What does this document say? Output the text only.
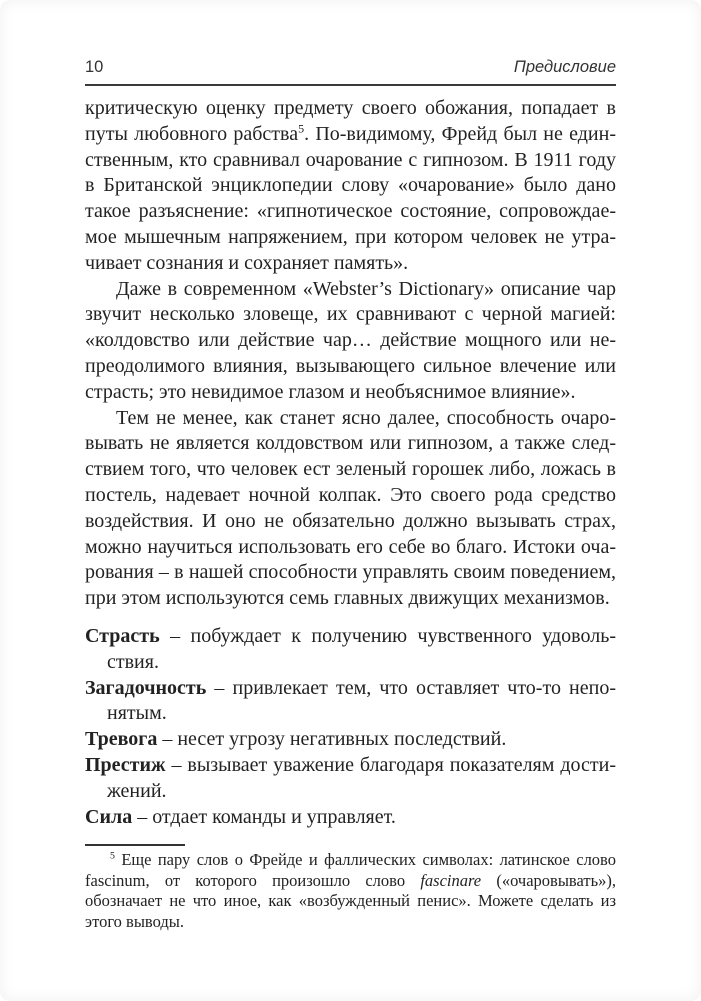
10	Предисловие

критическую оценку предмету своего обожания, попадает в путы любовного рабства$^5$. По-видимому, Фрейд был не единственным, кто сравнивал очарование с гипнозом. В 1911 году в Британской энциклопедии слову «очарование» было дано такое разъяснение: «гипнотическое состояние, сопровождаемое мышечным напряжением, при котором человек не утрачивает сознания и сохраняет память».

Даже в современном «Webster’s Dictionary» описание чар звучит несколько зловеще, их сравнивают с черной магией: «колдовство или действие чар… действие мощного или непреодолимого влияния, вызывающего сильное влечение или страсть; это невидимое глазом и необъяснимое влияние».

Тем не менее, как станет ясно далее, способность очаровывать не является колдовством или гипнозом, а также следствием того, что человек ест зеленый горошек либо, ложась в постель, надевает ночной колпак. Это своего рода средство воздействия. И оно не обязательно должно вызывать страх, можно научиться использовать его себе во благо. Истоки очарования – в нашей способности управлять своим поведением, при этом используются семь главных движущих механизмов.

Страсть – побуждает к получению чувственного удовольствия.

Загадочность – привлекает тем, что оставляет что-то непонятым.

Тревога – несет угрозу негативных последствий.

Престиж – вызывает уважение благодаря показателям достижений.

Сила – отдает команды и управляет.

$^5$ Еще пару слов о Фрейде и фаллических символах: латинское слово fascinum, от которого произошло слово fascinare («очаровывать»), обозначает не что иное, как «возбужденный пенис». Можете сделать из этого выводы.
